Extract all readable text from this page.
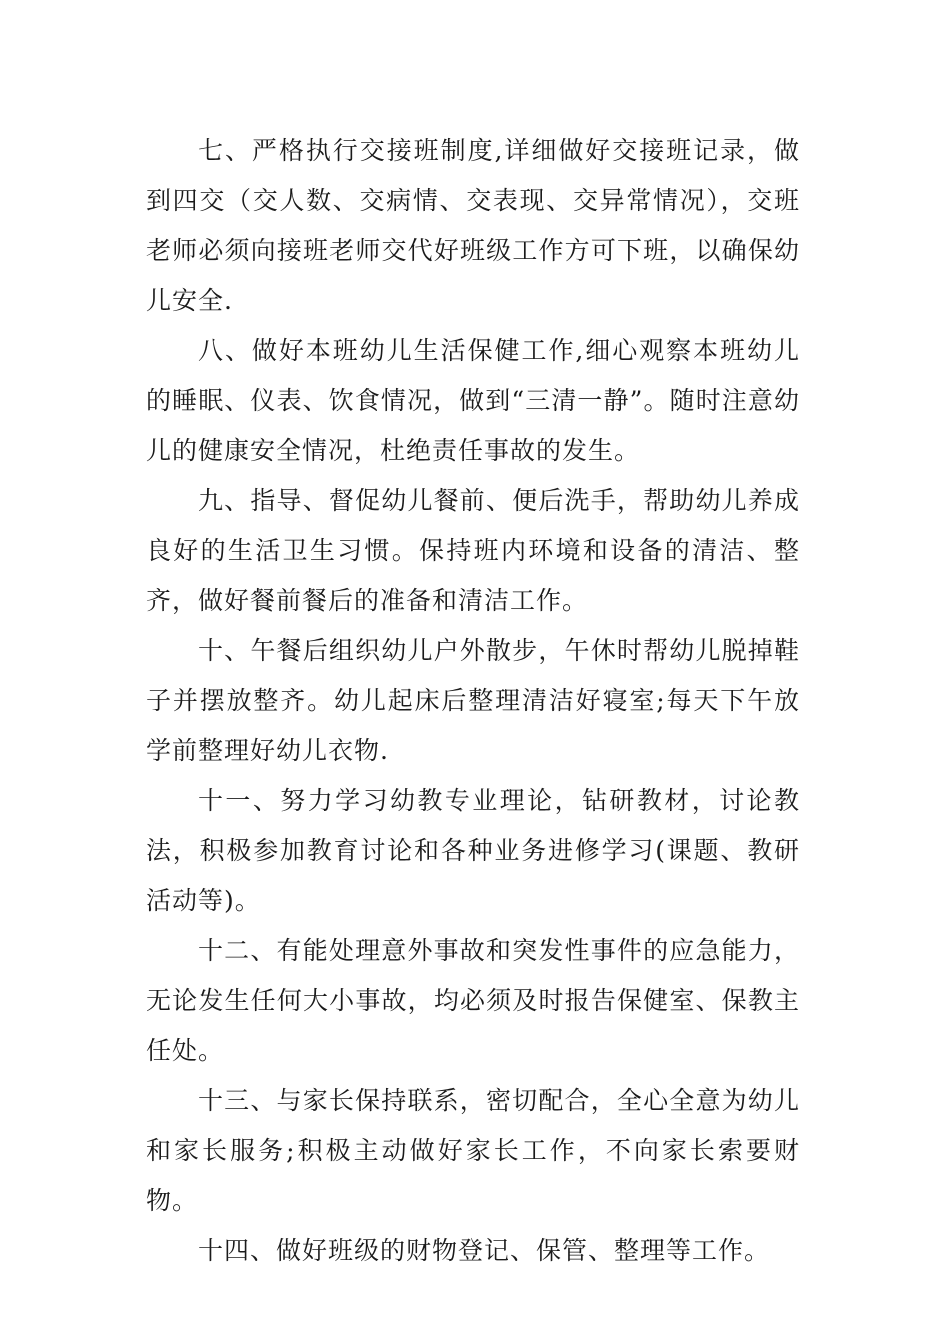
七、严格执行交接班制度,详细做好交接班记录，做到四交（交人数、交病情、交表现、交异常情况），交班老师必须向接班老师交代好班级工作方可下班，以确保幼儿安全.

八、做好本班幼儿生活保健工作,细心观察本班幼儿的睡眠、仪表、饮食情况，做到“三清一静”。随时注意幼儿的健康安全情况，杜绝责任事故的发生。

九、指导、督促幼儿餐前、便后洗手，帮助幼儿养成良好的生活卫生习惯。保持班内环境和设备的清洁、整齐，做好餐前餐后的准备和清洁工作。

十、午餐后组织幼儿户外散步，午休时帮幼儿脱掉鞋子并摆放整齐。幼儿起床后整理清洁好寝室;每天下午放学前整理好幼儿衣物.

十一、努力学习幼教专业理论，钻研教材，讨论教法，积极参加教育讨论和各种业务进修学习(课题、教研活动等)。

十二、有能处理意外事故和突发性事件的应急能力，无论发生任何大小事故，均必须及时报告保健室、保教主任处。

十三、与家长保持联系，密切配合，全心全意为幼儿和家长服务;积极主动做好家长工作，不向家长索要财物。

十四、做好班级的财物登记、保管、整理等工作。
